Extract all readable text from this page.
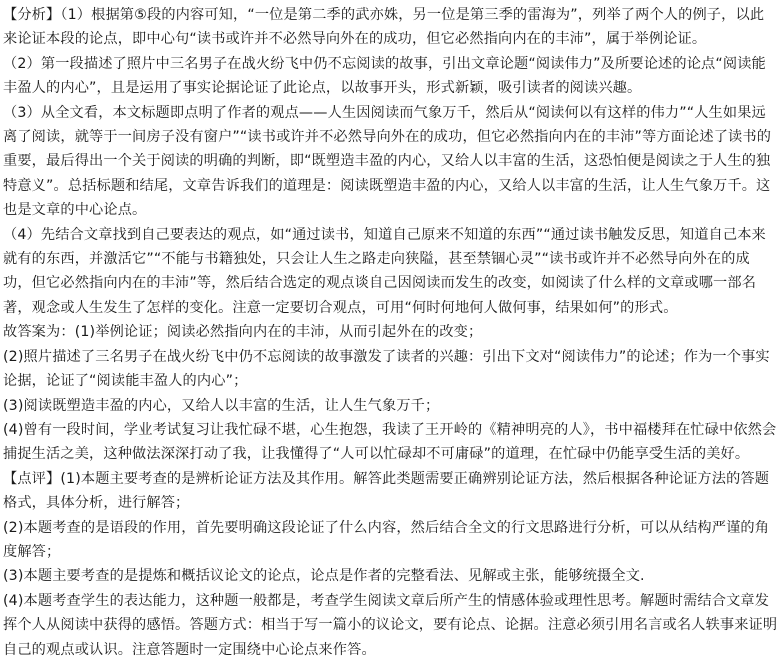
【分析】（1）根据第⑤段的内容可知，“一位是第二季的武亦姝，另一位是第三季的雷海为”，列举了两个人的例子，以此来论证本段的论点，即中心句“读书或许并不必然导向外在的成功，但它必然指向内在的丰沛”，属于举例论证。

（2）第一段描述了照片中三名男子在战火纷飞中仍不忘阅读的故事，引出文章论题“阅读伟力”及所要论述的论点“阅读能丰盈人的内心”，且是运用了事实论据论证了此论点，以故事开头，形式新颖，吸引读者的阅读兴趣。

（3）从全文看，本文标题即点明了作者的观点——人生因阅读而气象万千，然后从“阅读何以有这样的伟力”“人生如果远离了阅读，就等于一间房子没有窗户”“读书或许并不必然导向外在的成功，但它必然指向内在的丰沛”等方面论述了读书的重要，最后得出一个关于阅读的明确的判断，即“既塑造丰盈的内心，又给人以丰富的生活，这恐怕便是阅读之于人生的独特意义”。总括标题和结尾，文章告诉我们的道理是：阅读既塑造丰盈的内心，又给人以丰富的生活，让人生气象万千。这也是文章的中心论点。

（4）先结合文章找到自己要表达的观点，如“通过读书，知道自己原来不知道的东西”“通过读书触发反思，知道自己本来就有的东西，并激活它”“不能与书籍独处，只会让人生之路走向狭隘，甚至禁锢心灵”“读书或许并不必然导向外在的成功，但它必然指向内在的丰沛”等，然后结合选定的观点谈自己因阅读而发生的改变，如阅读了什么样的文章或哪一部名著，观念或人生发生了怎样的变化。注意一定要切合观点，可用“何时何地何人做何事，结果如何”的形式。

故答案为：(1)举例论证；阅读必然指向内在的丰沛，从而引起外在的改变；

(2)照片描述了三名男子在战火纷飞中仍不忘阅读的故事激发了读者的兴趣：引出下文对“阅读伟力”的论述；作为一个事实论据，论证了“阅读能丰盈人的内心”；

(3)阅读既塑造丰盈的内心，又给人以丰富的生活，让人生气象万千；

(4)曾有一段时间，学业考试复习让我忙碌不堪，心生抱怨，我读了王开岭的《精神明亮的人》，书中福楼拜在忙碌中依然会捕捉生活之美，这种做法深深打动了我，让我懂得了“人可以忙碌却不可庸碌”的道理，在忙碌中仍能享受生活的美好。

【点评】(1)本题主要考查的是辨析论证方法及其作用。解答此类题需要正确辨别论证方法，然后根据各种论证方法的答题格式，具体分析，进行解答；

(2)本题考查的是语段的作用，首先要明确这段论证了什么内容，然后结合全文的行文思路进行分析，可以从结构严谨的角度解答；

(3)本题主要考查的是提炼和概括议论文的论点，论点是作者的完整看法、见解或主张，能够统摄全文.

(4)本题考查学生的表达能力，这种题一般都是，考查学生阅读文章后所产生的情感体验或理性思考。解题时需结合文章发挥个人从阅读中获得的感悟。答题方式：相当于写一篇小的议论文，要有论点、论据。注意必须引用名言或名人轶事来证明自己的观点或认识。注意答题时一定围绕中心论点来作答。
